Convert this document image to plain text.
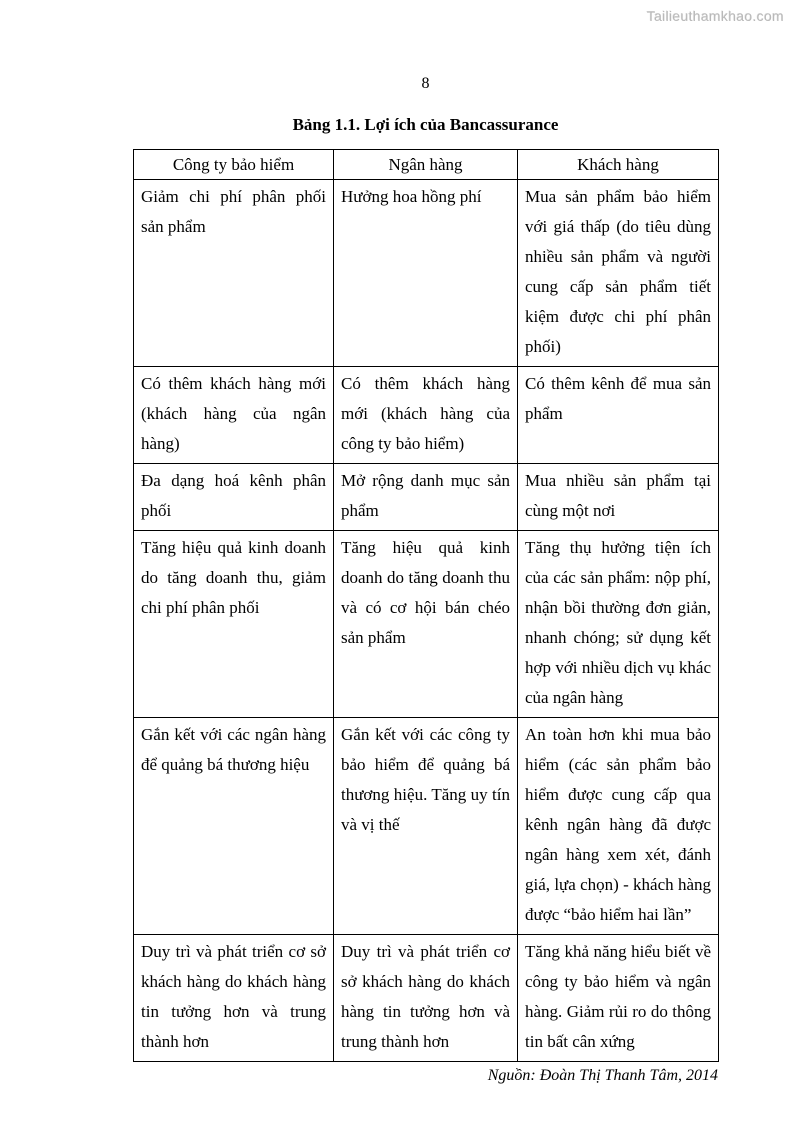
Tailieuthamkhao.com
8
Bảng 1.1. Lợi ích của Bancassurance
Công ty bảo hiểm	Ngân hàng	Khách hàng
Giảm chi phí phân phối sản phẩm	Hưởng hoa hồng phí	Mua sản phẩm bảo hiểm với giá thấp (do tiêu dùng nhiều sản phẩm và người cung cấp sản phẩm tiết kiệm được chi phí phân phối)
Có thêm khách hàng mới (khách hàng của ngân hàng)	Có thêm khách hàng mới (khách hàng của công ty bảo hiểm)	Có thêm kênh để mua sản phẩm
Đa dạng hoá kênh phân phối	Mở rộng danh mục sản phẩm	Mua nhiều sản phẩm tại cùng một nơi
Tăng hiệu quả kinh doanh do tăng doanh thu, giảm chi phí phân phối	Tăng hiệu quả kinh doanh do tăng doanh thu và có cơ hội bán chéo sản phẩm	Tăng thụ hưởng tiện ích của các sản phẩm: nộp phí, nhận bồi thường đơn giản, nhanh chóng; sử dụng kết hợp với nhiều dịch vụ khác của ngân hàng
Gắn kết với các ngân hàng để quảng bá thương hiệu	Gắn kết với các công ty bảo hiểm để quảng bá thương hiệu. Tăng uy tín và vị thế	An toàn hơn khi mua bảo hiểm (các sản phẩm bảo hiểm được cung cấp qua kênh ngân hàng đã được ngân hàng xem xét, đánh giá, lựa chọn) - khách hàng được “bảo hiểm hai lần”
Duy trì và phát triển cơ sở khách hàng do khách hàng tin tưởng hơn và trung thành hơn	Duy trì và phát triển cơ sở khách hàng do khách hàng tin tưởng hơn và trung thành hơn	Tăng khả năng hiểu biết về công ty bảo hiểm và ngân hàng. Giảm rủi ro do thông tin bất cân xứng
Nguồn: Đoàn Thị Thanh Tâm, 2014
